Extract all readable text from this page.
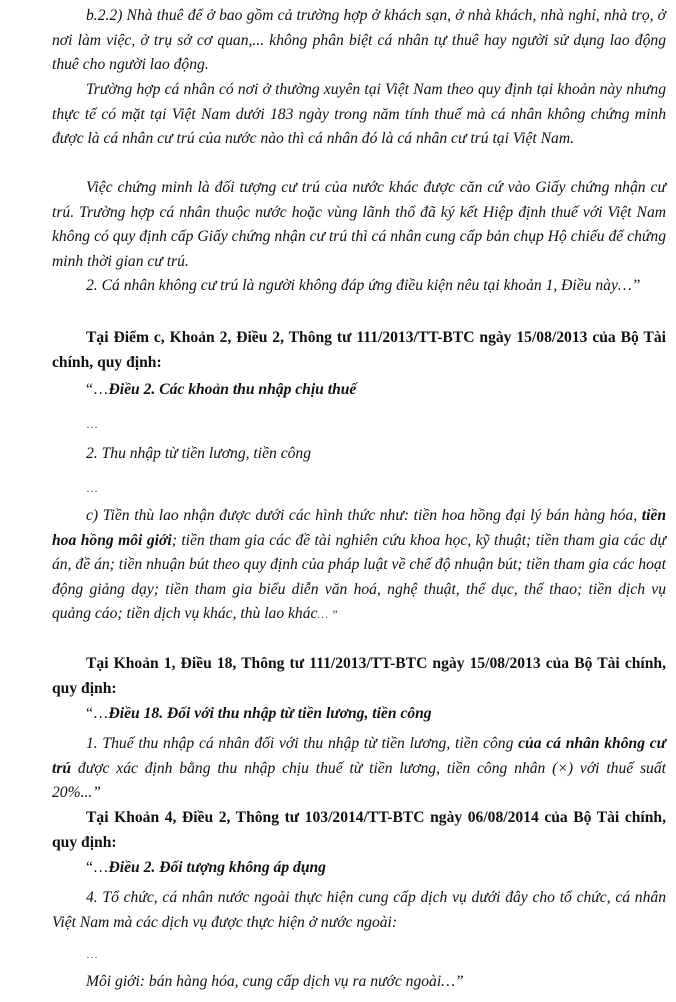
b.2.2) Nhà thuê để ở bao gồm cả trường hợp ở khách sạn, ở nhà khách, nhà nghỉ, nhà trọ, ở nơi làm việc, ở trụ sở cơ quan,... không phân biệt cá nhân tự thuê hay người sử dụng lao động thuê cho người lao động.

Trường hợp cá nhân có nơi ở thường xuyên tại Việt Nam theo quy định tại khoản này nhưng thực tế có mặt tại Việt Nam dưới 183 ngày trong năm tính thuế mà cá nhân không chứng minh được là cá nhân cư trú của nước nào thì cá nhân đó là cá nhân cư trú tại Việt Nam.

Việc chứng minh là đối tượng cư trú của nước khác được căn cứ vào Giấy chứng nhận cư trú. Trường hợp cá nhân thuộc nước hoặc vùng lãnh thổ đã ký kết Hiệp định thuế với Việt Nam không có quy định cấp Giấy chứng nhận cư trú thì cá nhân cung cấp bản chụp Hộ chiếu để chứng minh thời gian cư trú.

2. Cá nhân không cư trú là người không đáp ứng điều kiện nêu tại khoản 1, Điều này…”

Tại Điểm c, Khoản 2, Điều 2, Thông tư 111/2013/TT-BTC ngày 15/08/2013 của Bộ Tài chính, quy định:

“…Điều 2. Các khoản thu nhập chịu thuế

…

2. Thu nhập từ tiền lương, tiền công

…

c) Tiền thù lao nhận được dưới các hình thức như: tiền hoa hồng đại lý bán hàng hóa, tiền hoa hồng môi giới; tiền tham gia các đề tài nghiên cứu khoa học, kỹ thuật; tiền tham gia các dự án, đề án; tiền nhuận bút theo quy định của pháp luật về chế độ nhuận bút; tiền tham gia các hoạt động giảng dạy; tiền tham gia biểu diễn văn hoá, nghệ thuật, thể dục, thể thao; tiền dịch vụ quảng cáo; tiền dịch vụ khác, thù lao khác… ”

Tại Khoản 1, Điều 18, Thông tư 111/2013/TT-BTC ngày 15/08/2013 của Bộ Tài chính, quy định:

“…Điều 18. Đối với thu nhập từ tiền lương, tiền công

1. Thuế thu nhập cá nhân đối với thu nhập từ tiền lương, tiền công của cá nhân không cư trú được xác định bằng thu nhập chịu thuế từ tiền lương, tiền công nhân (×) với thuế suất 20%...”

Tại Khoản 4, Điều 2, Thông tư 103/2014/TT-BTC ngày 06/08/2014 của Bộ Tài chính, quy định:

“…Điều 2. Đối tượng không áp dụng

4. Tổ chức, cá nhân nước ngoài thực hiện cung cấp dịch vụ dưới đây cho tổ chức, cá nhân Việt Nam mà các dịch vụ được thực hiện ở nước ngoài:

…

Môi giới: bán hàng hóa, cung cấp dịch vụ ra nước ngoài…”
